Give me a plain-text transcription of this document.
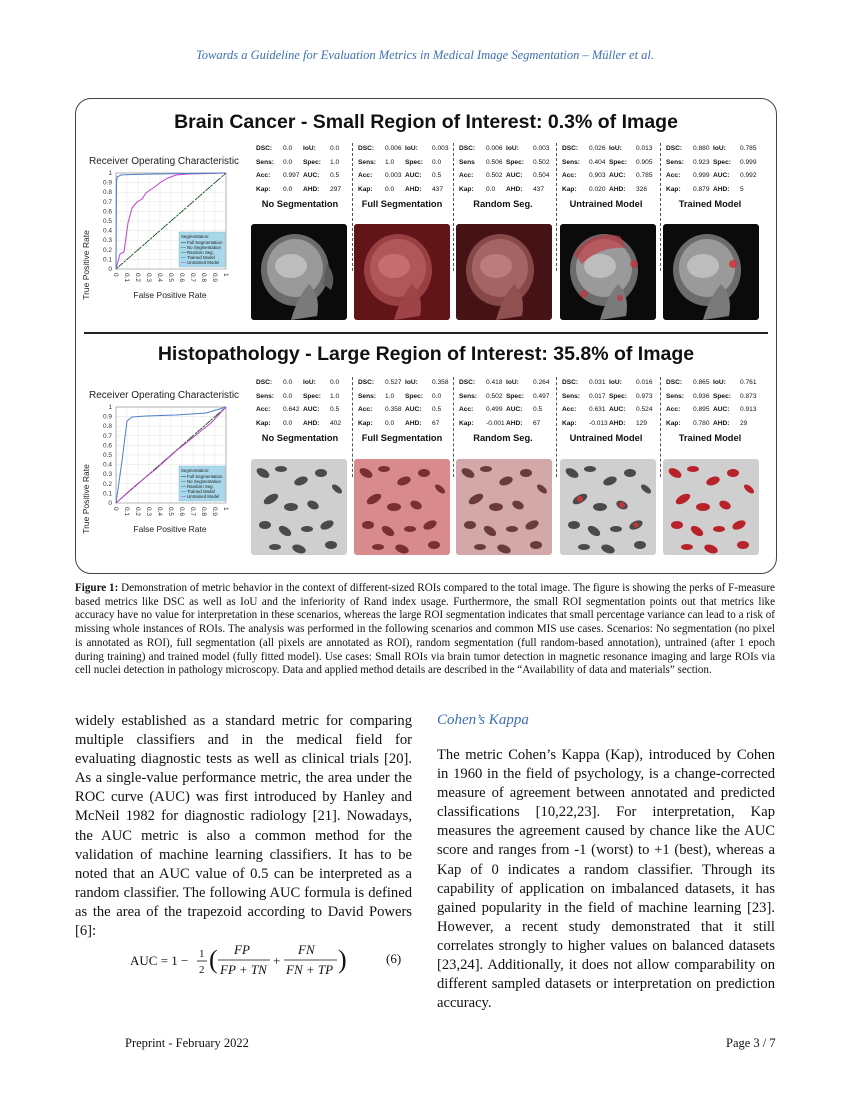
Towards a Guideline for Evaluation Metrics in Medical Image Segmentation – Müller et al.
Brain Cancer - Small Region of Interest: 0.3% of Image
Receiver Operating Characteristic
True Positive Rate	False Positive Rate
0
0.1
0.2
0.3
0.4
0.5
0.6
0.7
0.8
0.9
1
0 0.1 0.2 0.3 0.4 0.5 0.6 0.7 0.8 0.9 1
Segmentation:
Full Segmentation
No Segmentation
Random Seg.
Trained Model
Untrained Model
DSC:	0.0	IoU:	0.0
Sens:	0.0	Spec:	1.0
Acc:	0.997 AUC:	0.5
Kap:	0.0	AHD:	297
No Segmentation
DSC:	0.006 IoU:	0.003
Sens:	1.0	Spec:	0.0
Acc:	0.003 AUC:	0.5
Kap:	0.0	AHD:	437
Full Segmentation
DSC:	0.006 IoU:	0.003
Sens	0.506 Spec:	0.502
Acc:	0.502 AUC:	0.504
Kap:	0.0	AHD:	437
Random Seg.
DSC:	0.026 IoU:	0.013
Sens:	0.404 Spec:	0.905
Acc:	0.903 AUC:	0.785
Kap:	0.020 AHD:	326
Untrained Model
DSC:	0.880 IoU:	0.785
Sens:	0.923 Spec:	0.999
Acc:	0.999 AUC:	0.992
Kap:	0.879 AHD:	5
Trained Model
Histopathology - Large Region of Interest: 35.8% of Image
Receiver Operating Characteristic
True Positive Rate	False Positive Rate
0
0.1
0.2
0.3
0.4
0.5
0.6
0.7
0.8
0.9
1
0 0.1 0.2 0.3 0.4 0.5 0.6 0.7 0.8 0.9 1
Segmentation:
Full Segmentation
No Segmentation
Random Seg.
Trained Model
Untrained Model
DSC:	0.0	IoU:	0.0
Sens:	0.0	Spec:	1.0
Acc:	0.642 AUC:	0.5
Kap:	0.0	AHD:	402
No Segmentation
DSC:	0.527 IoU:	0.358
Sens:	1.0	Spec:	0.0
Acc:	0.358 AUC:	0.5
Kap:	0.0	AHD:	67
Full Segmentation
DSC:	0.418 IoU:	0.264
Sens:	0.502 Spec:	0.497
Acc:	0.499 AUC:	0.5
Kap:	-0.001 AHD:	67
Random Seg.
DSC:	0.031 IoU:	0.016
Sens:	0.017 Spec:	0.973
Acc:	0.631 AUC:	0.524
Kap:	-0.013 AHD:	129
Untrained Model
DSC:	0.865 IoU:	0.761
Sens:	0.936 Spec:	0.873
Acc:	0.895 AUC:	0.913
Kap:	0.780 AHD:	29
Trained Model
Figure 1: Demonstration of metric behavior in the context of different-sized ROIs compared to the total image. The figure is showing the perks of F-measure based metrics like DSC as well as IoU and the inferiority of Rand index usage. Furthermore, the small ROI segmentation points out that metrics like accuracy have no value for interpretation in these scenarios, whereas the large ROI segmentation indicates that small percentage variance can lead to a risk of missing whole instances of ROIs. The analysis was performed in the following scenarios and common MIS use cases. Scenarios: No segmentation (no pixel is annotated as ROI), full segmentation (all pixels are annotated as ROI), random segmentation (full random-based annotation), untrained (after 1 epoch during training) and trained model (fully fitted model). Use cases: Small ROIs via brain tumor detection in magnetic resonance imaging and large ROIs via cell nuclei detection in pathology microscopy. Data and applied method details are described in the “Availability of data and materials” section.
widely established as a standard metric for comparing multiple classifiers and in the medical field for evaluating diagnostic tests as well as clinical trials [20]. As a single-value performance metric, the area under the ROC curve (AUC) was first introduced by Hanley and McNeil 1982 for diagnostic radiology [21]. Nowadays, the AUC metric is also a common method for the validation of machine learning classifiers. It has to be noted that an AUC value of 0.5 can be interpreted as a random classifier. The following AUC formula is defined as the area of the trapezoid according to David Powers [6]:
AUC = 1 − 1
2 ( FP
FP + TN
+
FN
FN + TP )	(6)
Cohen’s Kappa
The metric Cohen’s Kappa (Kap), introduced by Cohen in 1960 in the field of psychology, is a change-corrected measure of agreement between annotated and predicted classifications [10,22,23]. For interpretation, Kap measures the agreement caused by chance like the AUC score and ranges from -1 (worst) to +1 (best), whereas a Kap of 0 indicates a random classifier. Through its capability of application on imbalanced datasets, it has gained popularity in the field of machine learning [23]. However, a recent study demonstrated that it still correlates strongly to higher values on balanced datasets [23,24]. Additionally, it does not allow comparability on different sampled datasets or interpretation on prediction accuracy.
Preprint - February 2022	Page 3 / 7
